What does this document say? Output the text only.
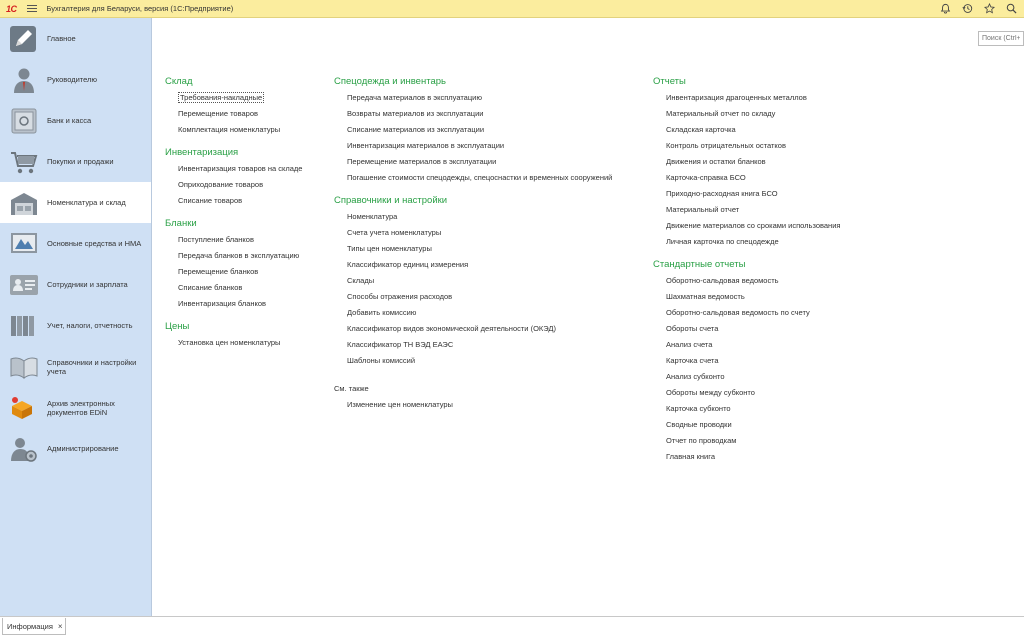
1С	Бухгалтерия для Беларуси, версия (1С:Предприятие)
Главное
Руководителю
Банк и касса
Покупки и продажи
Номенклатура и склад
Основные средства и НМА
Сотрудники и зарплата
Учет, налоги, отчетность
Справочники и настройки учета
Архив электронных документов EDiN
Администрирование
Поиск (Ctrl+F)
Склад
Требования-накладные
Перемещение товаров
Комплектация номенклатуры
Инвентаризация
Инвентаризация товаров на складе
Оприходование товаров
Списание товаров
Бланки
Поступление бланков
Передача бланков в эксплуатацию
Перемещение бланков
Списание бланков
Инвентаризация бланков
Цены
Установка цен номенклатуры
Спецодежда и инвентарь
Передача материалов в эксплуатацию
Возвраты материалов из эксплуатации
Списание материалов из эксплуатации
Инвентаризация материалов в эксплуатации
Перемещение материалов в эксплуатации
Погашение стоимости спецодежды, спецоснастки и временных сооружений
Справочники и настройки
Номенклатура
Счета учета номенклатуры
Типы цен номенклатуры
Классификатор единиц измерения
Склады
Способы отражения расходов
Добавить комиссию
Классификатор видов экономической деятельности (ОКЭД)
Классификатор ТН ВЭД ЕАЭС
Шаблоны комиссий
См. также
Изменение цен номенклатуры
Отчеты
Инвентаризация драгоценных металлов
Материальный отчет по складу
Складская карточка
Контроль отрицательных остатков
Движения и остатки бланков
Карточка-справка БСО
Приходно-расходная книга БСО
Материальный отчет
Движение материалов со сроками использования
Личная карточка по спецодежде
Стандартные отчеты
Оборотно-сальдовая ведомость
Шахматная ведомость
Оборотно-сальдовая ведомость по счету
Обороты счета
Анализ счета
Карточка счета
Анализ субконто
Обороты между субконто
Карточка субконто
Сводные проводки
Отчет по проводкам
Главная книга
Информация ×
